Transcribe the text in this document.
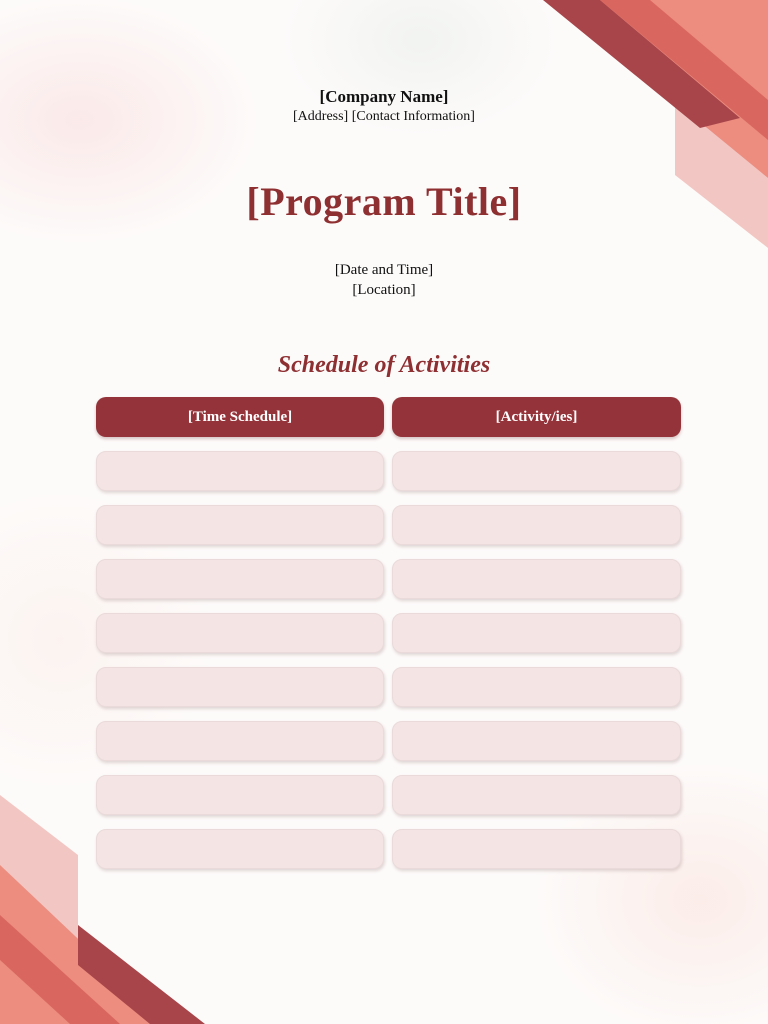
[Company Name]
[Address] [Contact Information]
[Program Title]
[Date and Time]
[Location]
Schedule of Activities
[Time Schedule]	[Activity/ies]
